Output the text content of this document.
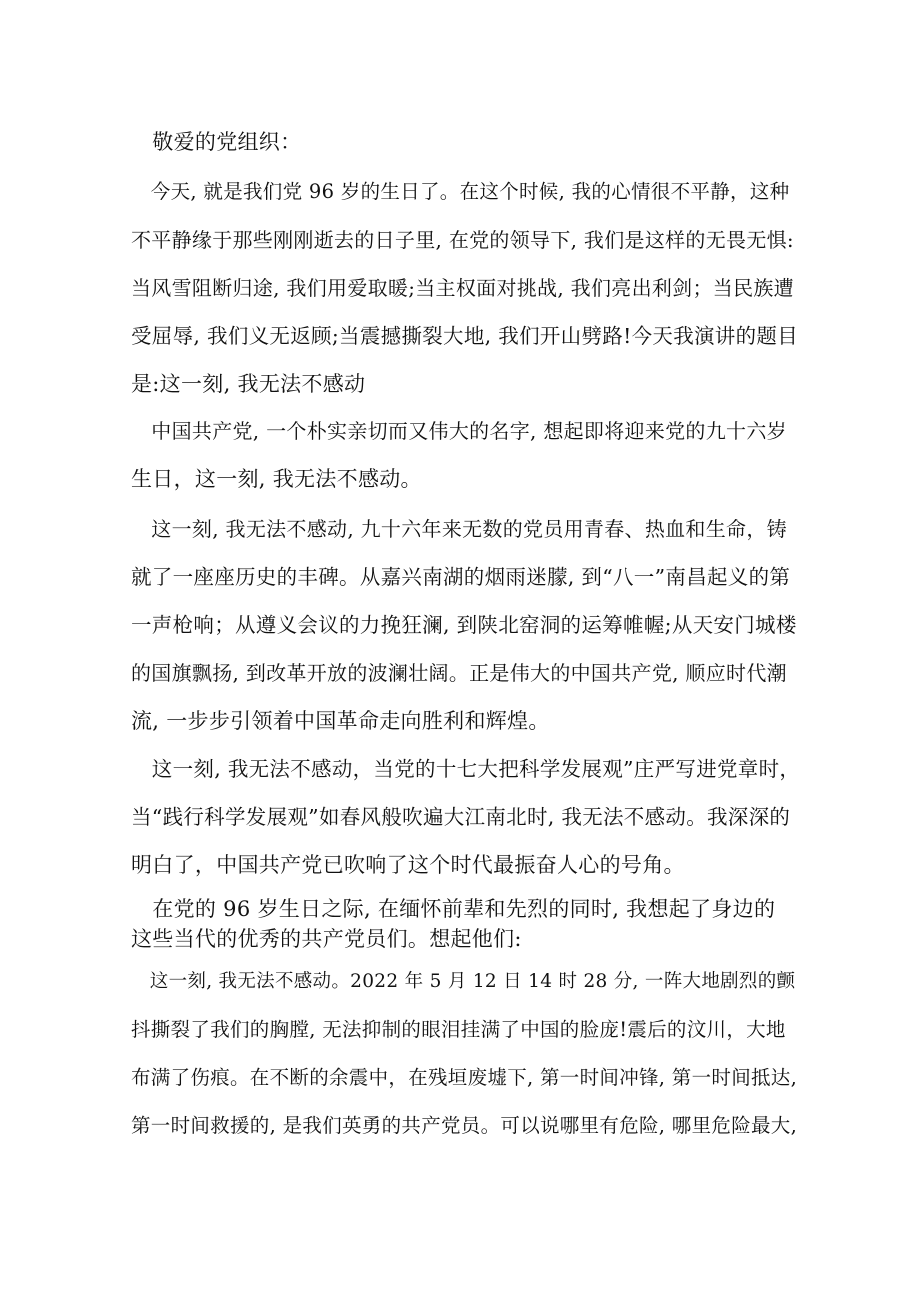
　敬爱的党组织：
　今天, 就是我们党 96 岁的生日了。在这个时候, 我的心情很不平静，这种
不平静缘于那些刚刚逝去的日子里, 在党的领导下, 我们是这样的无畏无惧:
当风雪阻断归途, 我们用爱取暖;当主权面对挑战, 我们亮出利剑；当民族遭
受屈辱, 我们义无返顾;当震撼撕裂大地, 我们开山劈路!今天我演讲的题目
是:这一刻, 我无法不感动
　中国共产党, 一个朴实亲切而又伟大的名字, 想起即将迎来党的九十六岁
生日，这一刻, 我无法不感动。
　这一刻, 我无法不感动, 九十六年来无数的党员用青春、热血和生命，铸
就了一座座历史的丰碑。从嘉兴南湖的烟雨迷朦, 到“八一”南昌起义的第
一声枪响；从遵义会议的力挽狂澜, 到陕北窑洞的运筹帷幄;从天安门城楼
的国旗飘扬, 到改革开放的波澜壮阔。正是伟大的中国共产党, 顺应时代潮
流, 一步步引领着中国革命走向胜利和辉煌。
　这一刻, 我无法不感动，当党的十七大把科学发展观”庄严写进党章时，
当“践行科学发展观”如春风般吹遍大江南北时, 我无法不感动。我深深的
明白了，中国共产党已吹响了这个时代最振奋人心的号角。
　在党的 96 岁生日之际, 在缅怀前辈和先烈的同时, 我想起了身边的
这些当代的优秀的共产党员们。想起他们:
　这一刻, 我无法不感动。2022 年 5 月 12 日 14 时 28 分, 一阵大地剧烈的颤
抖撕裂了我们的胸膛, 无法抑制的眼泪挂满了中国的脸庞!震后的汶川，大地
布满了伤痕。在不断的余震中，在残垣废墟下, 第一时间冲锋, 第一时间抵达,
第一时间救援的, 是我们英勇的共产党员。可以说哪里有危险, 哪里危险最大,
